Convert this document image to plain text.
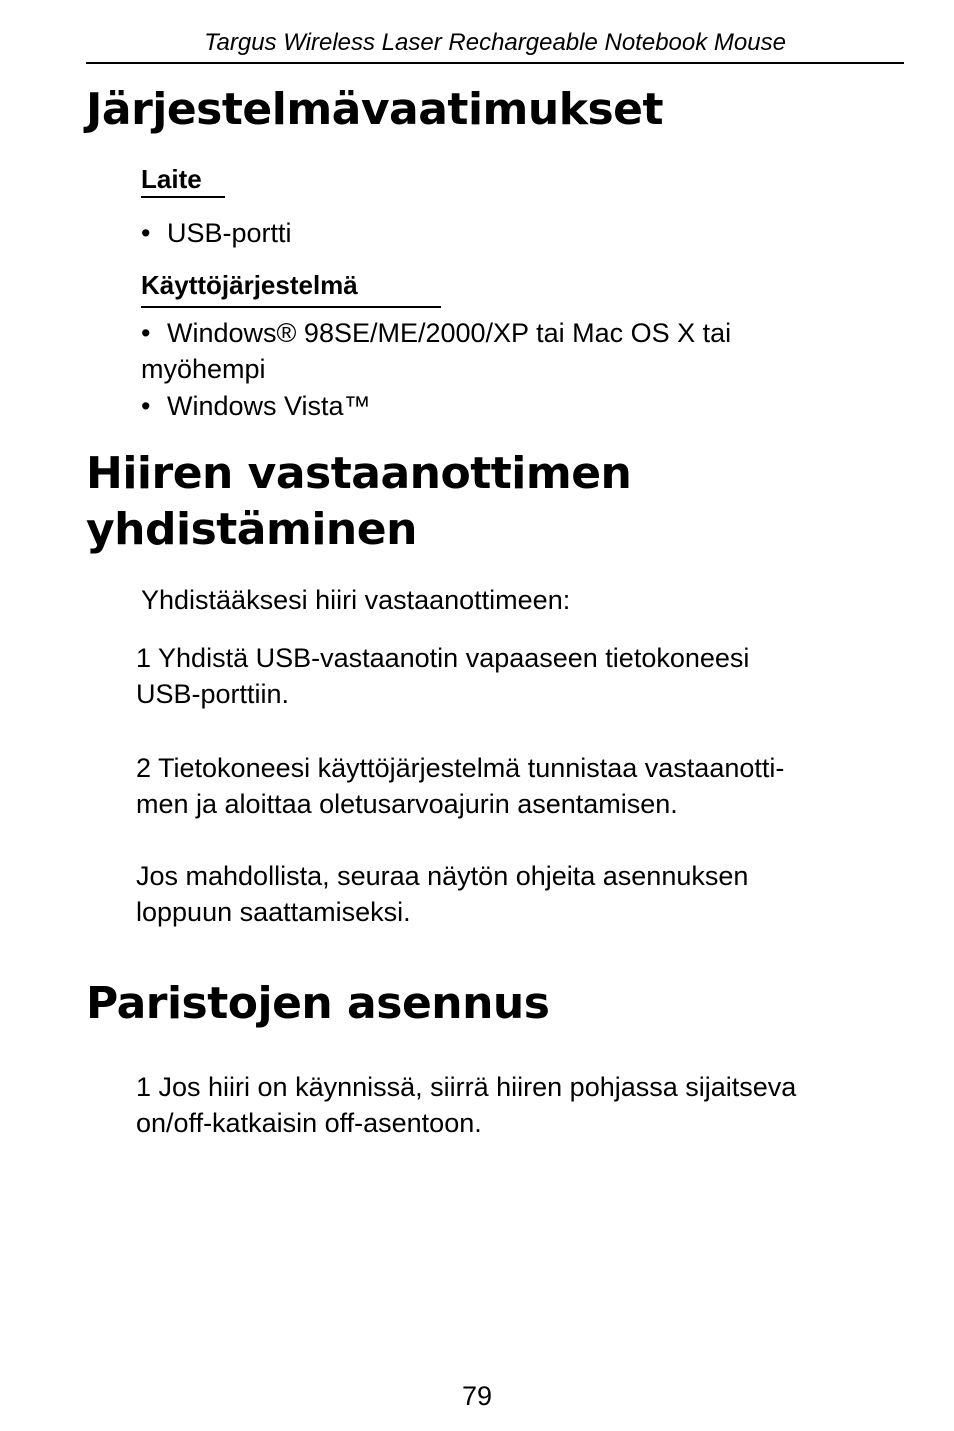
Targus Wireless Laser Rechargeable Notebook Mouse
Järjestelmävaatimukset
Laite

• USB-portti

Käyttöjärjestelmä

• Windows® 98SE/ME/2000/XP tai Mac OS X tai

myöhempi

• Windows Vista™

Hiiren vastaanottimen
yhdistäminen

Yhdistääksesi hiiri vastaanottimeen:

1 Yhdistä USB-vastaanotin vapaaseen tietokoneesi

USB-porttiin.

2 Tietokoneesi käyttöjärjestelmä tunnistaa vastaanotti-

men ja aloittaa oletusarvoajurin asentamisen.

Jos mahdollista, seuraa näytön ohjeita asennuksen

loppuun saattamiseksi.

Paristojen asennus

1 Jos hiiri on käynnissä, siirrä hiiren pohjassa sijaitseva

on/off-katkaisin off-asentoon.

79
